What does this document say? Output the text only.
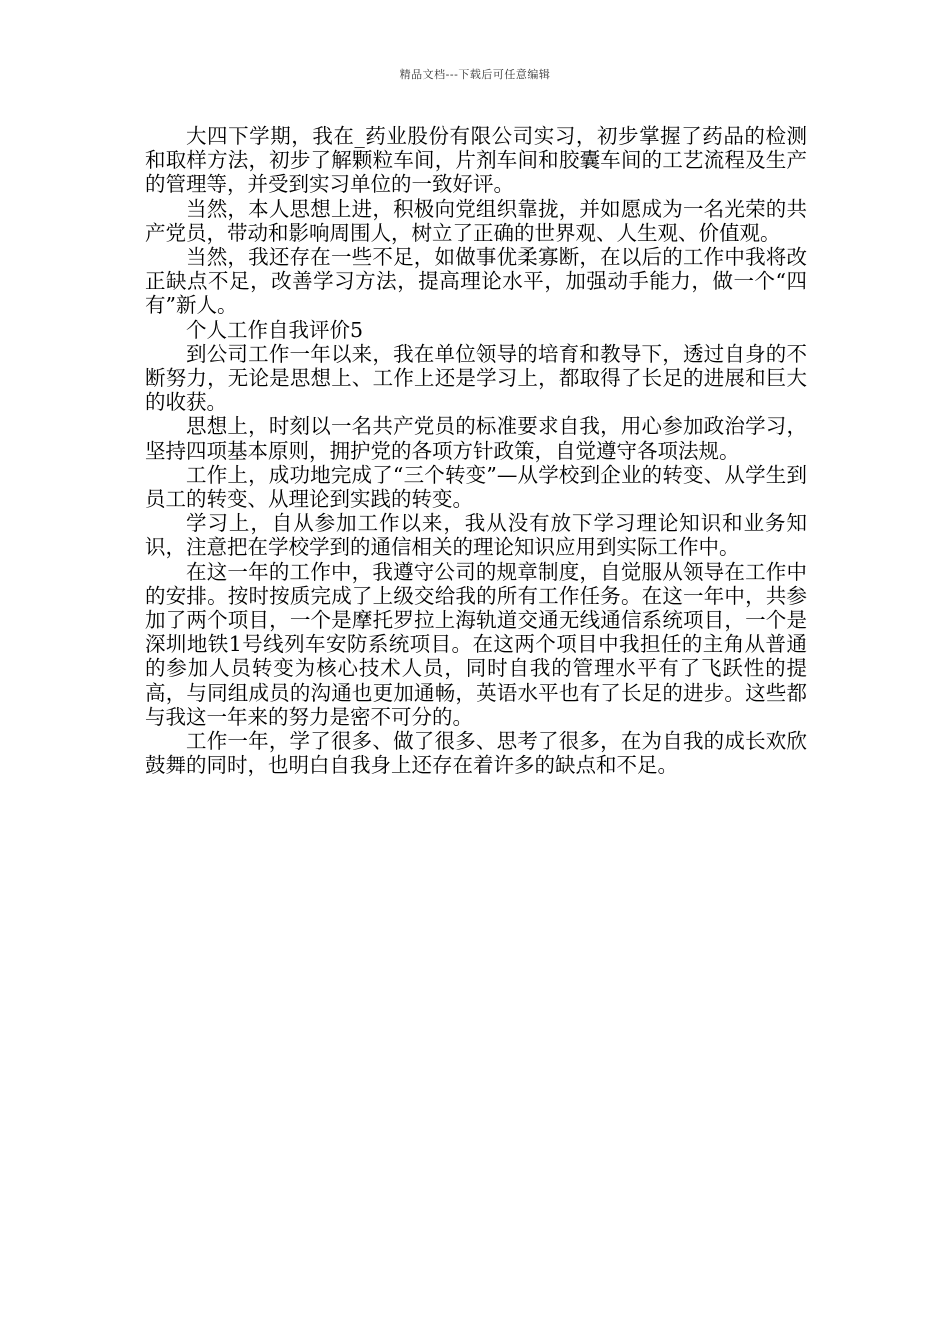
精品文档---下载后可任意编辑

大四下学期，我在_药业股份有限公司实习，初步掌握了药品的检测和取样方法，初步了解颗粒车间，片剂车间和胶囊车间的工艺流程及生产的管理等，并受到实习单位的一致好评。

当然，本人思想上进，积极向党组织靠拢，并如愿成为一名光荣的共产党员，带动和影响周围人，树立了正确的世界观、人生观、价值观。

当然，我还存在一些不足，如做事优柔寡断，在以后的工作中我将改正缺点不足，改善学习方法，提高理论水平，加强动手能力，做一个“四有”新人。

个人工作自我评价5

到公司工作一年以来，我在单位领导的培育和教导下，透过自身的不断努力，无论是思想上、工作上还是学习上，都取得了长足的进展和巨大的收获。

思想上，时刻以一名共产党员的标准要求自我，用心参加政治学习，坚持四项基本原则，拥护党的各项方针政策，自觉遵守各项法规。

工作上，成功地完成了“三个转变”—从学校到企业的转变、从学生到员工的转变、从理论到实践的转变。

学习上，自从参加工作以来，我从没有放下学习理论知识和业务知识，注意把在学校学到的通信相关的理论知识应用到实际工作中。

在这一年的工作中，我遵守公司的规章制度，自觉服从领导在工作中的安排。按时按质完成了上级交给我的所有工作任务。在这一年中，共参加了两个项目，一个是摩托罗拉上海轨道交通无线通信系统项目，一个是深圳地铁1号线列车安防系统项目。在这两个项目中我担任的主角从普通的参加人员转变为核心技术人员，同时自我的管理水平有了飞跃性的提高，与同组成员的沟通也更加通畅，英语水平也有了长足的进步。这些都与我这一年来的努力是密不可分的。

工作一年，学了很多、做了很多、思考了很多，在为自我的成长欢欣鼓舞的同时，也明白自我身上还存在着许多的缺点和不足。
